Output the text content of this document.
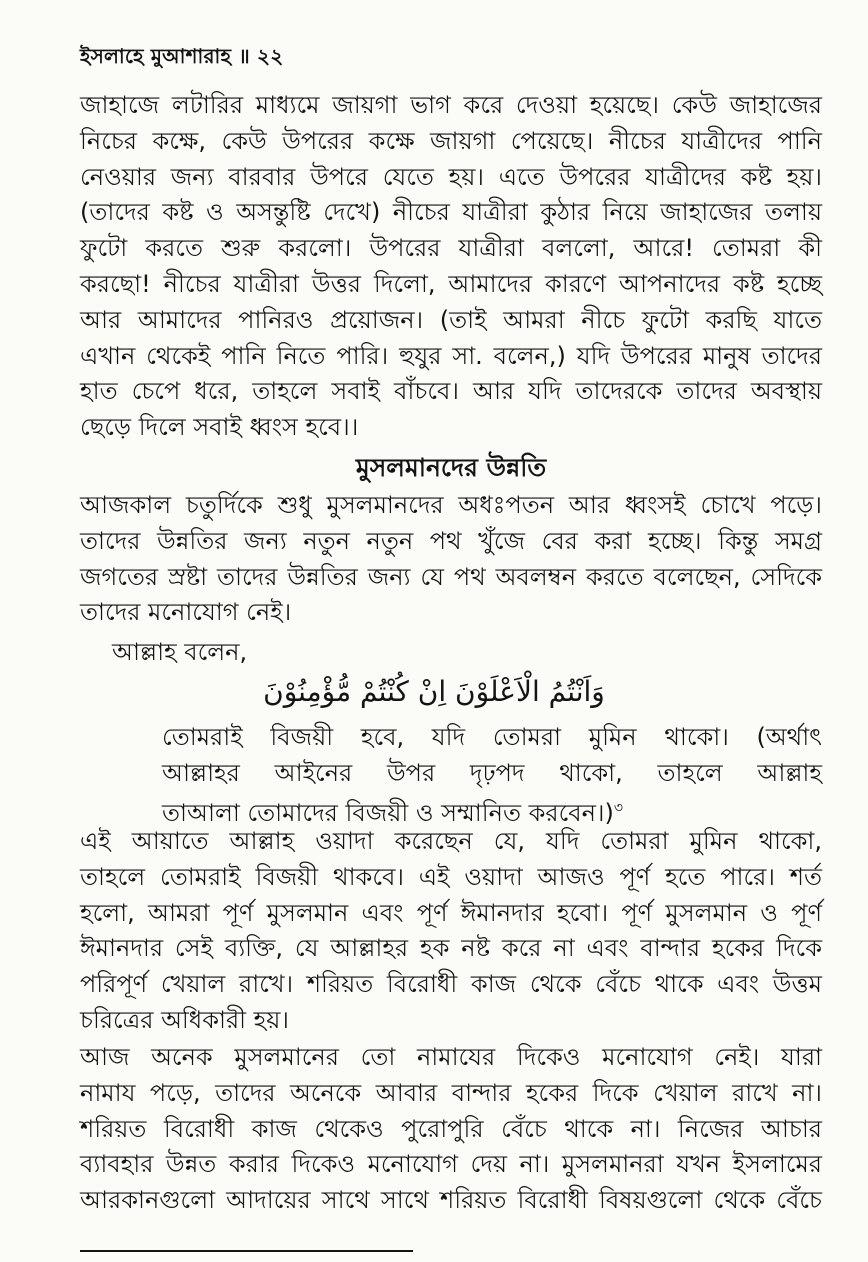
ইসলাহে মুআশারাহ ॥ ২২
জাহাজে লটারির মাধ্যমে জায়গা ভাগ করে দেওয়া হয়েছে। কেউ জাহাজের
নিচের কক্ষে, কেউ উপরের কক্ষে জায়গা পেয়েছে। নীচের যাত্রীদের পানি
নেওয়ার জন্য বারবার উপরে যেতে হয়। এতে উপরের যাত্রীদের কষ্ট হয়।
(তাদের কষ্ট ও অসন্তুষ্টি দেখে) নীচের যাত্রীরা কুঠার নিয়ে জাহাজের তলায়
ফুটো করতে শুরু করলো। উপরের যাত্রীরা বললো, আরে! তোমরা কী
করছো! নীচের যাত্রীরা উত্তর দিলো, আমাদের কারণে আপনাদের কষ্ট হচ্ছে
আর আমাদের পানিরও প্রয়োজন। (তাই আমরা নীচে ফুটো করছি যাতে
এখান থেকেই পানি নিতে পারি। হুযুর সা. বলেন,) যদি উপরের মানুষ তাদের
হাত চেপে ধরে, তাহলে সবাই বাঁচবে। আর যদি তাদেরকে তাদের অবস্থায়
ছেড়ে দিলে সবাই ধ্বংস হবে।।
মুসলমানদের উন্নতি
আজকাল চতুর্দিকে শুধু মুসলমানদের অধঃপতন আর ধ্বংসই চোখে পড়ে।
তাদের উন্নতির জন্য নতুন নতুন পথ খুঁজে বের করা হচ্ছে। কিন্তু সমগ্র
জগতের স্রষ্টা তাদের উন্নতির জন্য যে পথ অবলম্বন করতে বলেছেন, সেদিকে
তাদের মনোযোগ নেই।
আল্লাহ বলেন,
وَاَنْتُمُ الْاَعْلَوْنَ اِنْ كُنْتُمْ مُّؤْمِنُوْنَ
তোমরাই বিজয়ী হবে, যদি তোমরা মুমিন থাকো। (অর্থাৎ
আল্লাহর আইনের উপর দৃঢ়পদ থাকো, তাহলে আল্লাহ
তাআলা তোমাদের বিজয়ী ও সম্মানিত করবেন।)$^৩$
এই আয়াতে আল্লাহ ওয়াদা করেছেন যে, যদি তোমরা মুমিন থাকো,
তাহলে তোমরাই বিজয়ী থাকবে। এই ওয়াদা আজও পূর্ণ হতে পারে। শর্ত
হলো, আমরা পূর্ণ মুসলমান এবং পূর্ণ ঈমানদার হবো। পূর্ণ মুসলমান ও পূর্ণ
ঈমানদার সেই ব্যক্তি, যে আল্লাহর হক নষ্ট করে না এবং বান্দার হকের দিকে
পরিপূর্ণ খেয়াল রাখে। শরিয়ত বিরোধী কাজ থেকে বেঁচে থাকে এবং উত্তম
চরিত্রের অধিকারী হয়।
আজ অনেক মুসলমানের তো নামাযের দিকেও মনোযোগ নেই। যারা
নামায পড়ে, তাদের অনেকে আবার বান্দার হকের দিকে খেয়াল রাখে না।
শরিয়ত বিরোধী কাজ থেকেও পুরোপুরি বেঁচে থাকে না। নিজের আচার
ব্যাবহার উন্নত করার দিকেও মনোযোগ দেয় না। মুসলমানরা যখন ইসলামের
আরকানগুলো আদায়ের সাথে সাথে শরিয়ত বিরোধী বিষয়গুলো থেকে বেঁচে
